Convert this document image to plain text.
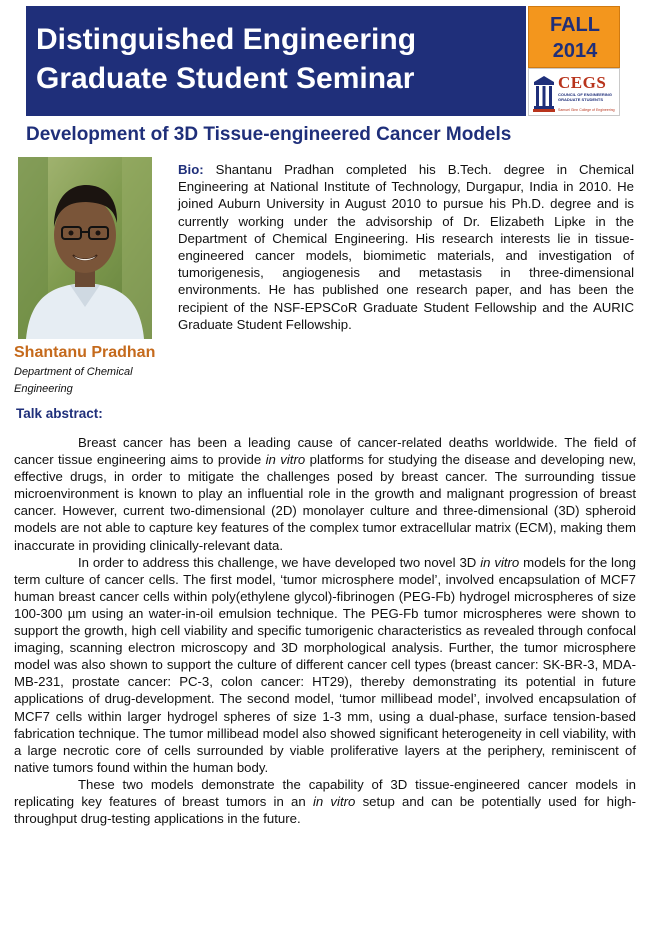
Distinguished Engineering
Graduate Student Seminar
FALL
2014
CEGS
COUNCIL OF ENGINEERING
GRADUATE STUDENTS
Samuel Ginn College of Engineering
Development of 3D Tissue-engineered Cancer Models
Shantanu Pradhan
Department of Chemical Engineering
Bio: Shantanu Pradhan completed his B.Tech. degree in Chemical Engineering at National Institute of Technology, Durgapur, India in 2010. He joined Auburn University in August 2010 to pursue his Ph.D. degree and is currently working under the advisorship of Dr. Elizabeth Lipke in the Department of Chemical Engineering. His research interests lie in tissue-engineered cancer models, biomimetic materials, and investigation of tumorigenesis, angiogenesis and metastasis in three-dimensional environments. He has published one research paper, and has been the recipient of the NSF-EPSCoR Graduate Student Fellowship and the AURIC Graduate Student Fellowship.
Talk abstract:

Breast cancer has been a leading cause of cancer-related deaths worldwide. The field of cancer tissue engineering aims to provide in vitro platforms for studying the disease and developing new, effective drugs, in order to mitigate the challenges posed by breast cancer. The surrounding tissue microenvironment is known to play an influential role in the growth and malignant progression of breast cancer. However, current two-dimensional (2D) monolayer culture and three-dimensional (3D) spheroid models are not able to capture key features of the complex tumor extracellular matrix (ECM), making them inaccurate in providing clinically-relevant data.

In order to address this challenge, we have developed two novel 3D in vitro models for the long term culture of cancer cells. The first model, ‘tumor microsphere model’, involved encapsulation of MCF7 human breast cancer cells within poly(ethylene glycol)-fibrinogen (PEG-Fb) hydrogel microspheres of size 100-300 µm using an water-in-oil emulsion technique. The PEG-Fb tumor microspheres were shown to support the growth, high cell viability and specific tumorigenic characteristics as revealed through confocal imaging, scanning electron microscopy and 3D morphological analysis. Further, the tumor microsphere model was also shown to support the culture of different cancer cell types (breast cancer: SK-BR-3, MDA-MB-231, prostate cancer: PC-3, colon cancer: HT29), thereby demonstrating its potential in future applications of drug-development. The second model, ‘tumor millibead model’, involved encapsulation of MCF7 cells within larger hydrogel spheres of size 1-3 mm, using a dual-phase, surface tension-based fabrication technique. The tumor millibead model also showed significant heterogeneity in cell viability, with a large necrotic core of cells surrounded by viable proliferative layers at the periphery, reminiscent of native tumors found within the human body.

These two models demonstrate the capability of 3D tissue-engineered cancer models in replicating key features of breast tumors in an in vitro setup and can be potentially used for high-throughput drug-testing applications in the future.
